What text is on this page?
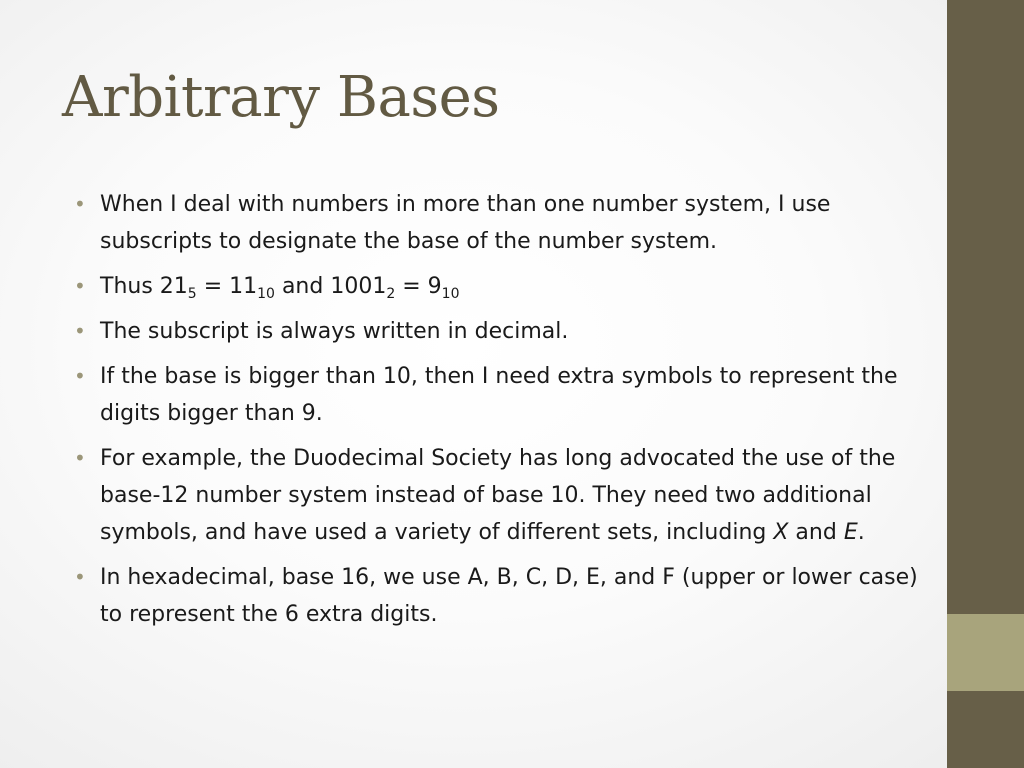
Arbitrary Bases
• When I deal with numbers in more than one number system, I use subscripts to designate the base of the number system.
• Thus $21_5 = 11_{10}$ and $1001_2 = 9_{10}$
• The subscript is always written in decimal.
• If the base is bigger than 10, then I need extra symbols to represent the digits bigger than 9.
• For example, the Duodecimal Society has long advocated the use of the base-12 number system instead of base 10. They need two additional symbols, and have used a variety of different sets, including X and E.
• In hexadecimal, base 16, we use A, B, C, D, E, and F (upper or lower case) to represent the 6 extra digits.
